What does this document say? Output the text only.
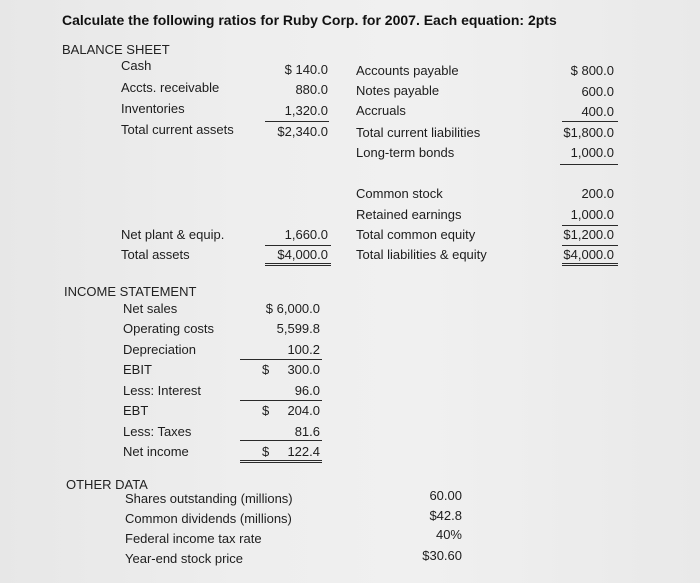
Calculate the following ratios for Ruby Corp. for 2007. Each equation: 2pts
BALANCE SHEET
Cash	$ 140.0
Accts. receivable	880.0
Inventories	1,320.0
Total current assets	$2,340.0
Accounts payable	$ 800.0
Notes payable	600.0
Accruals	400.0
Total current liabilities	$1,800.0
Long-term bonds	1,000.0
Common stock	200.0
Retained earnings	1,000.0
Total common equity	$1,200.0
Total liabilities & equity	$4,000.0
Net plant & equip.	1,660.0
Total assets	$4,000.0
INCOME STATEMENT
Net sales	$ 6,000.0
Operating costs	5,599.8
Depreciation	100.2
EBIT	$	300.0
Less: Interest	96.0
EBT	$	204.0
Less: Taxes	81.6
Net income	$	122.4
OTHER DATA
Shares outstanding (millions)	60.00
Common dividends (millions)	$42.8
Federal income tax rate	40%
Year-end stock price	$30.60
